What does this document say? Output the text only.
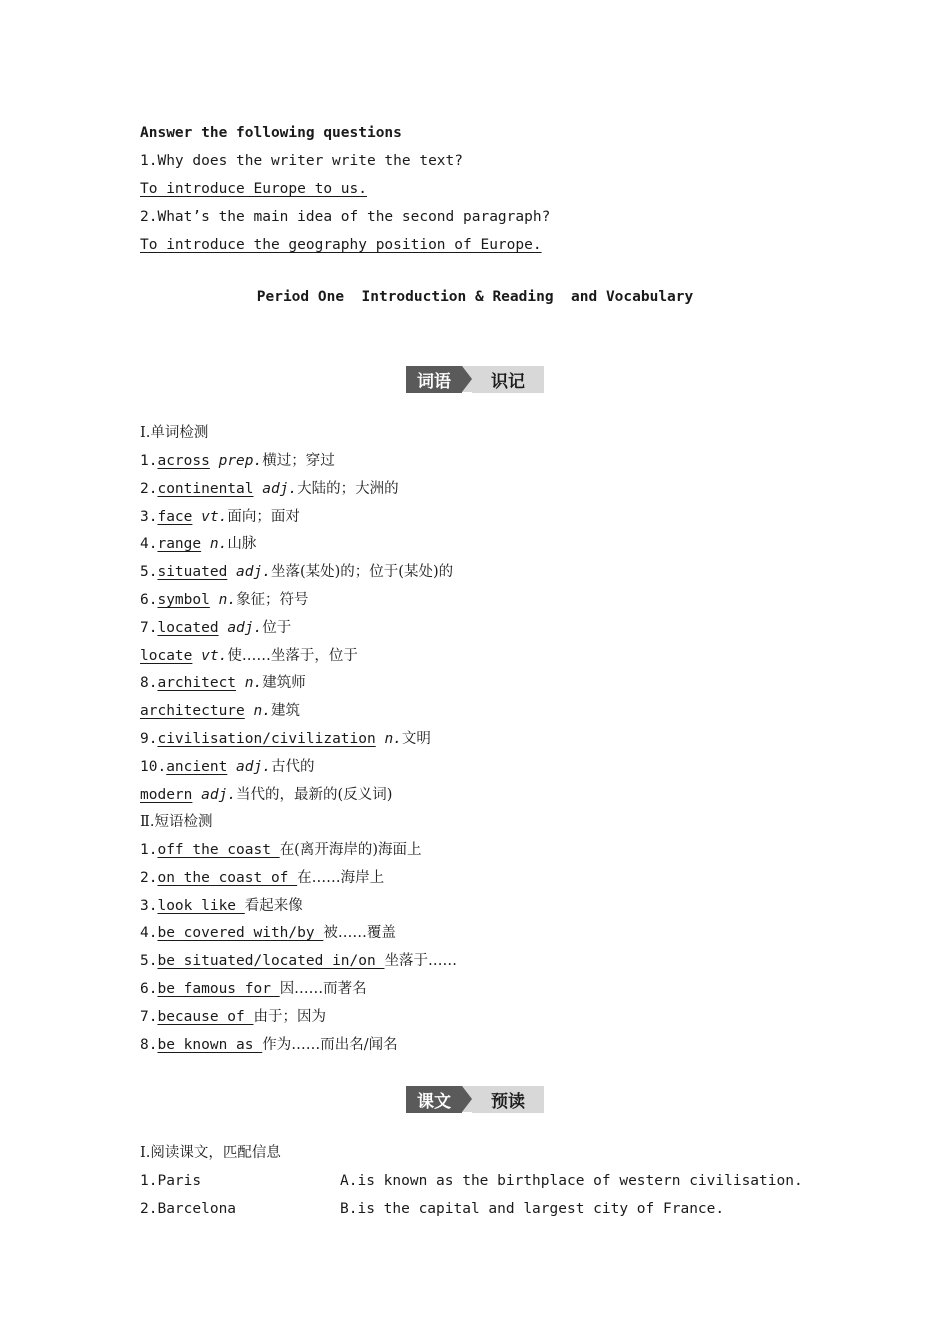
Answer the following questions
1.Why does the writer write the text?
To introduce Europe to us.
2.What’s the main idea of the second paragraph?
To introduce the geography position of Europe.
Period One  Introduction & Reading  and Vocabulary
词语	识记
Ⅰ.单词检测
1.across prep.横过；穿过
2.continental adj.大陆的；大洲的
3.face vt.面向；面对
4.range n.山脉
5.situated adj.坐落(某处)的；位于(某处)的
6.symbol n.象征；符号
7.located adj.位于
locate vt.使……坐落于，位于
8.architect n.建筑师
architecture n.建筑
9.civilisation/civilization n.文明
10.ancient adj.古代的
modern adj.当代的，最新的(反义词)
Ⅱ.短语检测
1.off the coast 在(离开海岸的)海面上
2.on the coast of 在……海岸上
3.look like 看起来像
4.be covered with/by 被……覆盖
5.be situated/located in/on 坐落于……
6.be famous for 因……而著名
7.because of 由于；因为
8.be known as 作为……而出名/闻名
课文	预读
Ⅰ.阅读课文，匹配信息
1.Paris	A.is known as the birthplace of western civilisation.
2.Barcelona	B.is the capital and largest city of France.
